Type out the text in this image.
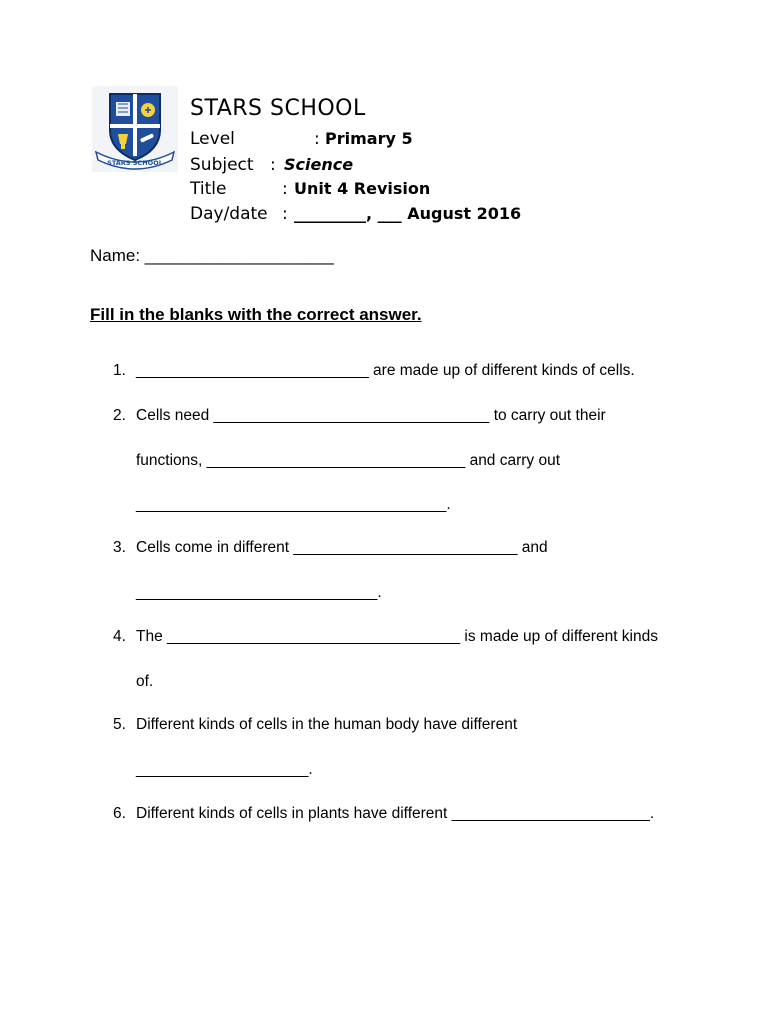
STARS SCHOOL
STARS SCHOOL
Level	: Primary 5
Subject : Science
Title	: Unit 4 Revision
Day/date : _________, ___ August 2016
Name: ____________________
Fill in the blanks with the correct answer.
1. ___________________________ are made up of different kinds of cells.
2. Cells need ________________________________ to carry out their
functions, ______________________________ and carry out
____________________________________.
3. Cells come in different __________________________ and
____________________________.
4. The __________________________________ is made up of different kinds
of.
5. Different kinds of cells in the human body have different
____________________.
6. Different kinds of cells in plants have different _______________________.
